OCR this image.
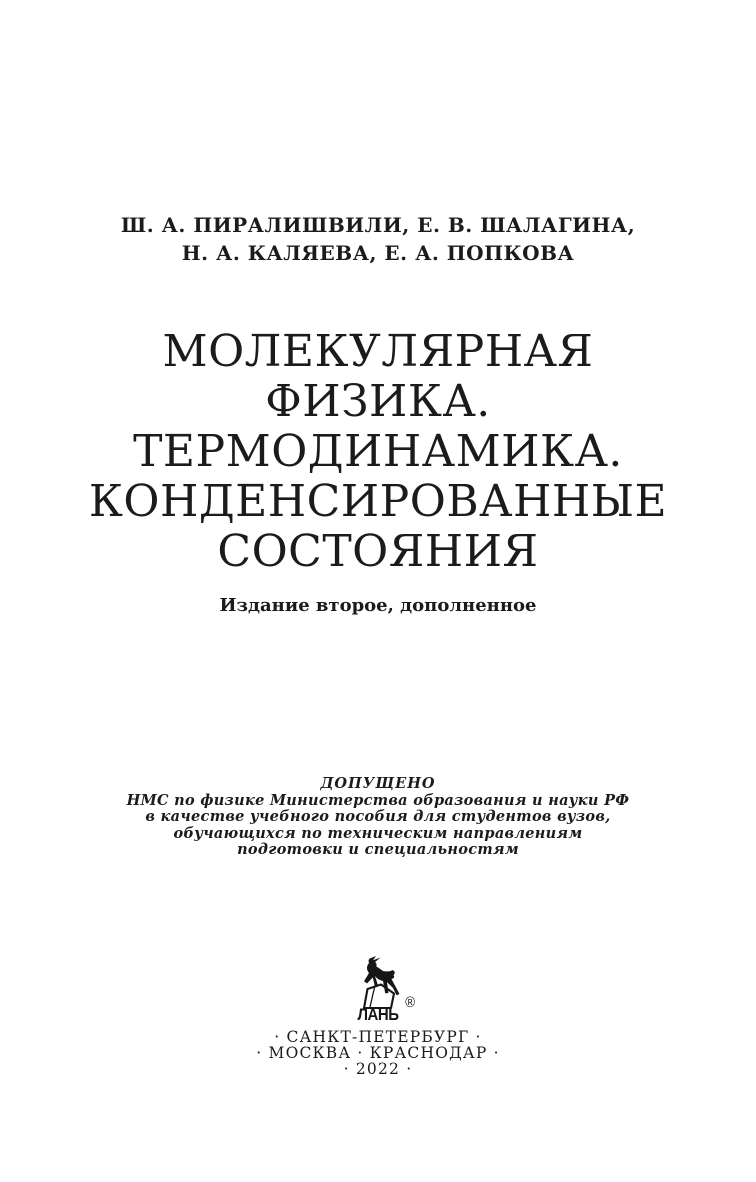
Ш. А. ПИРАЛИШВИЛИ, Е. В. ШАЛАГИНА,
Н. А. КАЛЯЕВА, Е. А. ПОПКОВА
МОЛЕКУЛЯРНАЯ
ФИЗИКА.
ТЕРМОДИНАМИКА.
КОНДЕНСИРОВАННЫЕ
СОСТОЯНИЯ
Издание второе, дополненное
ДОПУЩЕНО
НМС по физике Министерства образования и науки РФ
в качестве учебного пособия для студентов вузов,
обучающихся по техническим направлениям
подготовки и специальностям
ЛАНЬ
®
· САНКТ-ПЕТЕРБУРГ ·
· МОСКВА · КРАСНОДАР ·
· 2022 ·
